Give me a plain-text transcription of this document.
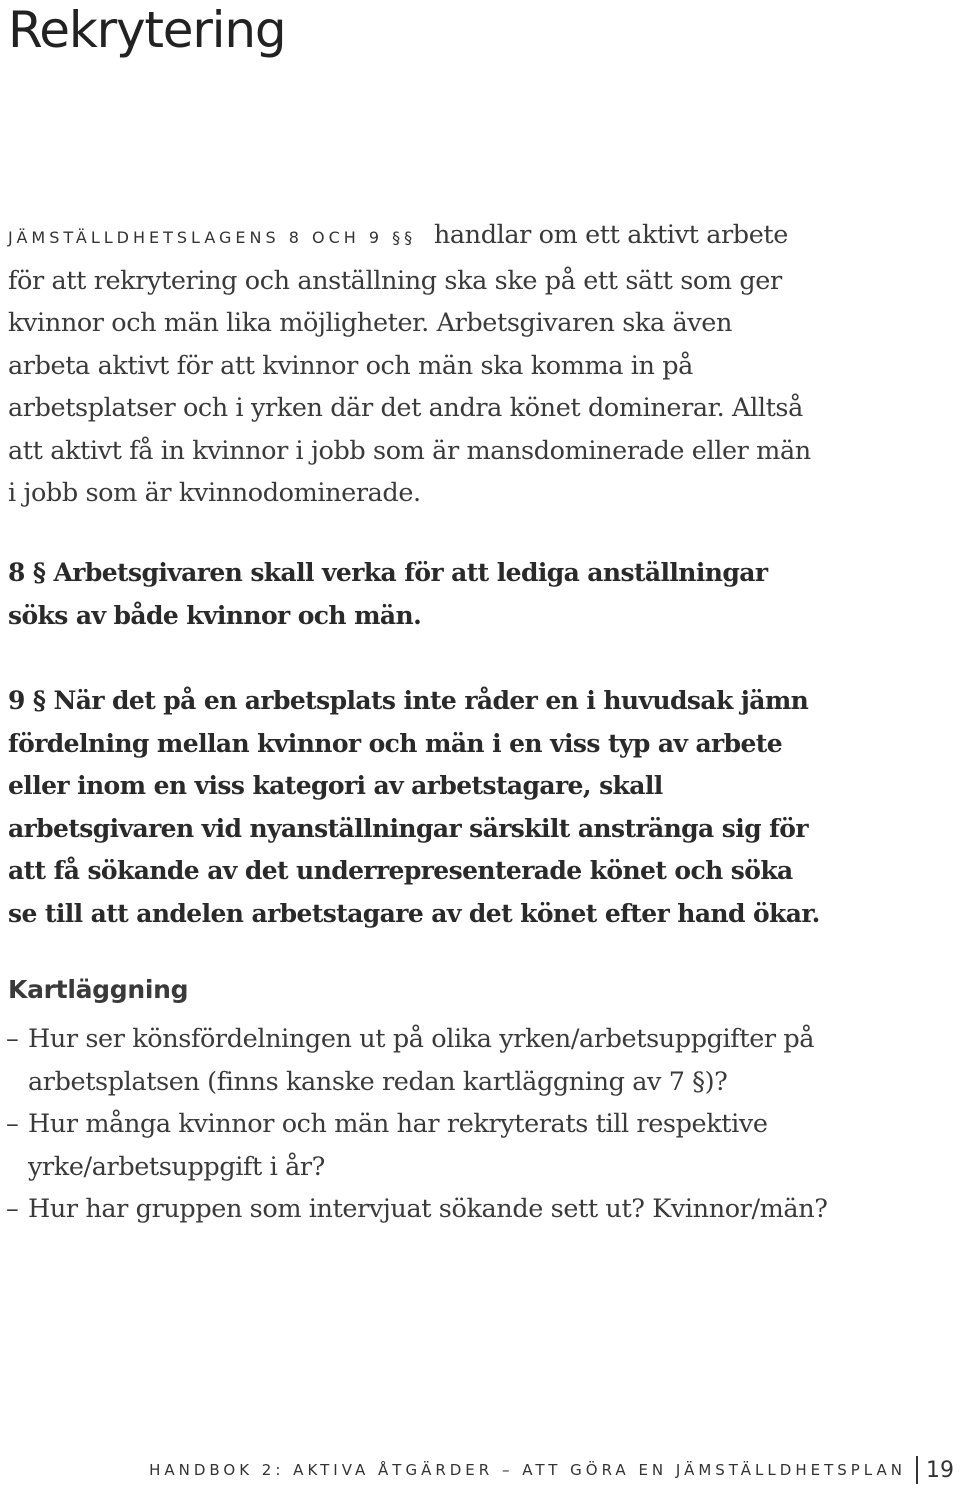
Rekrytering

JÄMSTÄLLDHETSLAGENS 8 OCH 9 §§ handlar om ett aktivt arbete för att rekrytering och anställning ska ske på ett sätt som ger kvinnor och män lika möjligheter. Arbetsgivaren ska även arbeta aktivt för att kvinnor och män ska komma in på arbetsplatser och i yrken där det andra könet dominerar. Alltså att aktivt få in kvinnor i jobb som är mansdominerade eller män i jobb som är kvinnodominerade.

8 § Arbetsgivaren skall verka för att lediga anställningar söks av både kvinnor och män.

9 § När det på en arbetsplats inte råder en i huvudsak jämn fördelning mellan kvinnor och män i en viss typ av arbete eller inom en viss kategori av arbetstagare, skall arbetsgivaren vid nyanställningar särskilt anstränga sig för att få sökande av det underrepresenterade könet och söka se till att andelen arbetstagare av det könet efter hand ökar.

Kartläggning
– Hur ser könsfördelningen ut på olika yrken/arbetsuppgifter på arbetsplatsen (finns kanske redan kartläggning av 7 §)?
– Hur många kvinnor och män har rekryterats till respektive yrke/arbetsuppgift i år?
– Hur har gruppen som intervjuat sökande sett ut? Kvinnor/män?
HANDBOK 2: AKTIVA ÅTGÄRDER – ATT GÖRA EN JÄMSTÄLLDHETSPLAN 19
